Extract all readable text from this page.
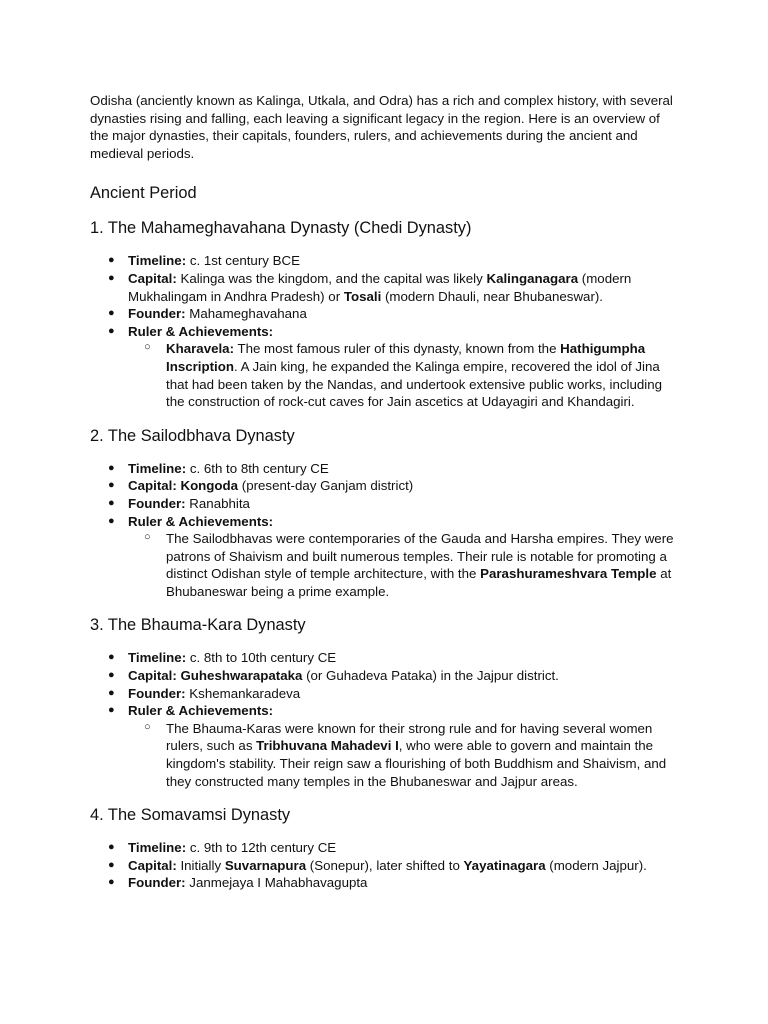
Odisha (anciently known as Kalinga, Utkala, and Odra) has a rich and complex history, with several dynasties rising and falling, each leaving a significant legacy in the region. Here is an overview of the major dynasties, their capitals, founders, rulers, and achievements during the ancient and medieval periods.

Ancient Period
1. The Mahameghavahana Dynasty (Chedi Dynasty)
● Timeline: c. 1st century BCE
● Capital: Kalinga was the kingdom, and the capital was likely Kalinganagara (modern Mukhalingam in Andhra Pradesh) or Tosali (modern Dhauli, near Bhubaneswar).
● Founder: Mahameghavahana
● Ruler & Achievements:
○ Kharavela: The most famous ruler of this dynasty, known from the Hathigumpha Inscription. A Jain king, he expanded the Kalinga empire, recovered the idol of Jina that had been taken by the Nandas, and undertook extensive public works, including the construction of rock-cut caves for Jain ascetics at Udayagiri and Khandagiri.
2. The Sailodbhava Dynasty
● Timeline: c. 6th to 8th century CE
● Capital: Kongoda (present-day Ganjam district)
● Founder: Ranabhita
● Ruler & Achievements:
○ The Sailodbhavas were contemporaries of the Gauda and Harsha empires. They were patrons of Shaivism and built numerous temples. Their rule is notable for promoting a distinct Odishan style of temple architecture, with the Parashurameshvara Temple at Bhubaneswar being a prime example.
3. The Bhauma-Kara Dynasty
● Timeline: c. 8th to 10th century CE
● Capital: Guheshwarapataka (or Guhadeva Pataka) in the Jajpur district.
● Founder: Kshemankaradeva
● Ruler & Achievements:
○ The Bhauma-Karas were known for their strong rule and for having several women rulers, such as Tribhuvana Mahadevi I, who were able to govern and maintain the kingdom's stability. Their reign saw a flourishing of both Buddhism and Shaivism, and they constructed many temples in the Bhubaneswar and Jajpur areas.
4. The Somavamsi Dynasty
● Timeline: c. 9th to 12th century CE
● Capital: Initially Suvarnapura (Sonepur), later shifted to Yayatinagara (modern Jajpur).
● Founder: Janmejaya I Mahabhavagupta
